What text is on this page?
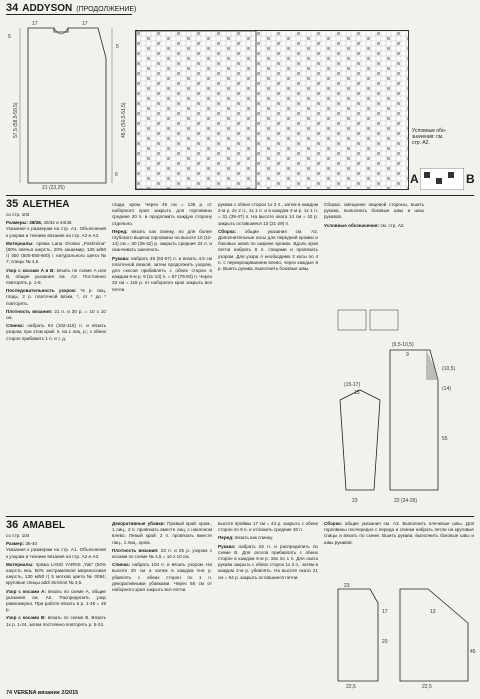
34 ADDYSON (ПРОДОЛЖЕНИЕ)
17	17
21 (23,25)
5
57,5 (58,5-59,5)
5
6
49,5 (50,5-51,5)	Условные обо-
значения: см.
стр. A2.
A	B
35 ALETHEA
со стр. 103
Размеры: 38/38, 40/42 и 44/46
Указания к размерам на стр. A1. Объяснения к узорам и технике вязания на стр. A2 и A3.
Материалы: пряжа Lana Grossa „Pashmina" (80% овечья шерсть, 20% кашемир, 125 м/50 г) 450 (500-550-600) г натурального цвета № 7; спицы № 4,5.
Узор с косами A и B: вязать по схеме A или B, общие указания см. A2. Постоянно повторять р. 1-8.
Последовательность узоров: *6 р. лиц. гладь, 2 р. платочной вязки, *, от * до * повторять.
Плотность вязания: 21 п. и 30 р. = 10 х 10 см.
Спинка: набрать 94 (102-110) п. и вязать узором, при этом край. п. на 1 лиц. p.; с обеих сторон прибавить 1 п. и т. д.
глади, кром. Через 45 см = 136 р. от наборного края закрыть для горловины средние 20 п. и продолжить каждую сторону отдельно.
Перед: вязать как спинку, но для более глубокого выреза горловины на высоте 10 (12-14) см = 30 (36-42) р. закрыть средние 24 п. и оканчивать закончить.
Рукава: набрать 49 (53-57) п. и вязать 4,5 см платочной вязкой, затем продолжить узором, для скосов прибавлять с обеих сторон в каждом 8-м р. 9 (11-13) п. = 67 (75-83) п. Через 33 см = 118 р. от наборного края закрыть все петли.
рукава с обеих сторон 1х 3 п., затем в каждом 2-м р. 2х 2 п., 1х 1 п. и в каждом 4-м р. 1х 1 п. = 31 (39-47) п. На высоте оката 14 см = 42 р. закрыть оставшиеся 13 (21-29) п.
Сборка: общие указания см. A3. Дополнительные косы для передней кромки и боковых швов по ширине кромок. Вдоль края петли набрать 8 п. спицами и провязать узором. Для узора A необходимо 2 косы по 4 п. с перекрещиванием влево, через каждые 6 р. Вшить рукава, выполнить боковые швы.
Сборка: смещение лицевой стороны, вшить рукава, выполнить боковые швы и швы рукавов.
Условные обозначения: см. стр. A2.
(9,5-10,5)
9
(15-17)
15
22 (24-26)
55
23
(10,5)
(14)
36 AMABEL
со стр. 104
Размер: 36-40
Указания к размерам на стр. A1. Объяснения к узорам и технике вязания на стр. A2 и A3.
Материалы: пряжа LANG YARNS „Yak" (50% шерсть яка, 50% экстрамелкая мериносовая шерсть, 130 м/50 г) 5 мотков цвета № 0094; круговые спицы addi Stricknit № 4,5.
Узор с косами A: вязать по схеме A, общие указания см. A2. Распределить узор равномерно. При работе вязать в р. 1-48 = 48 р.
Узор с косами B: вязать по схеме B. Вязать 1х р. 1-24, затем постоянно повторять р. 5-24.
Декоративные убавки: Правый край: кром., 1 лиц., 2 п. провязать вместе лиц. с наклоном влево. Левый край: 2 п. провязать вместе лиц., 1 лиц., кром.
Плотность вязания: 23 п. и 25 р. узором с косами по схеме № 4,5 = 10 x 10 см.
Спинка: набрать 104 п. и вязать узором. На высоте 20 см и затем в каждом 6-м р. убавлять с обеих сторон по 1 п. декоративными убавками. Через 55 см от наборного края закрыть все петли.
высоте проймы 17 см = 43 р. закрыть с обеих сторон по 9 п. и отложить средние 30 п.
Перед: вязать как спинку.
Рукава: набрать 52 п. и распределить по схеме B. Для скосов прибавлять с обеих сторон в каждом 6-м р. 15х по 1 п. Для оката рукава закрыть с обеих сторон 1х 3 п., затем в каждом 2-м р. убавлять. На высоте оката 21 см = 54 р. закрыть оставшиеся петли.
Сборка: общие указания см. A3. Выполнить плечевые швы. Для горловины поочередно с переда и спинки набрать петли на круговые спицы и вязать по схеме. Вшить рукава, выполнить боковые швы и швы рукавов.
23
17
20
13
45
22,5	22,5
74 VERENA вязание 2/2015
